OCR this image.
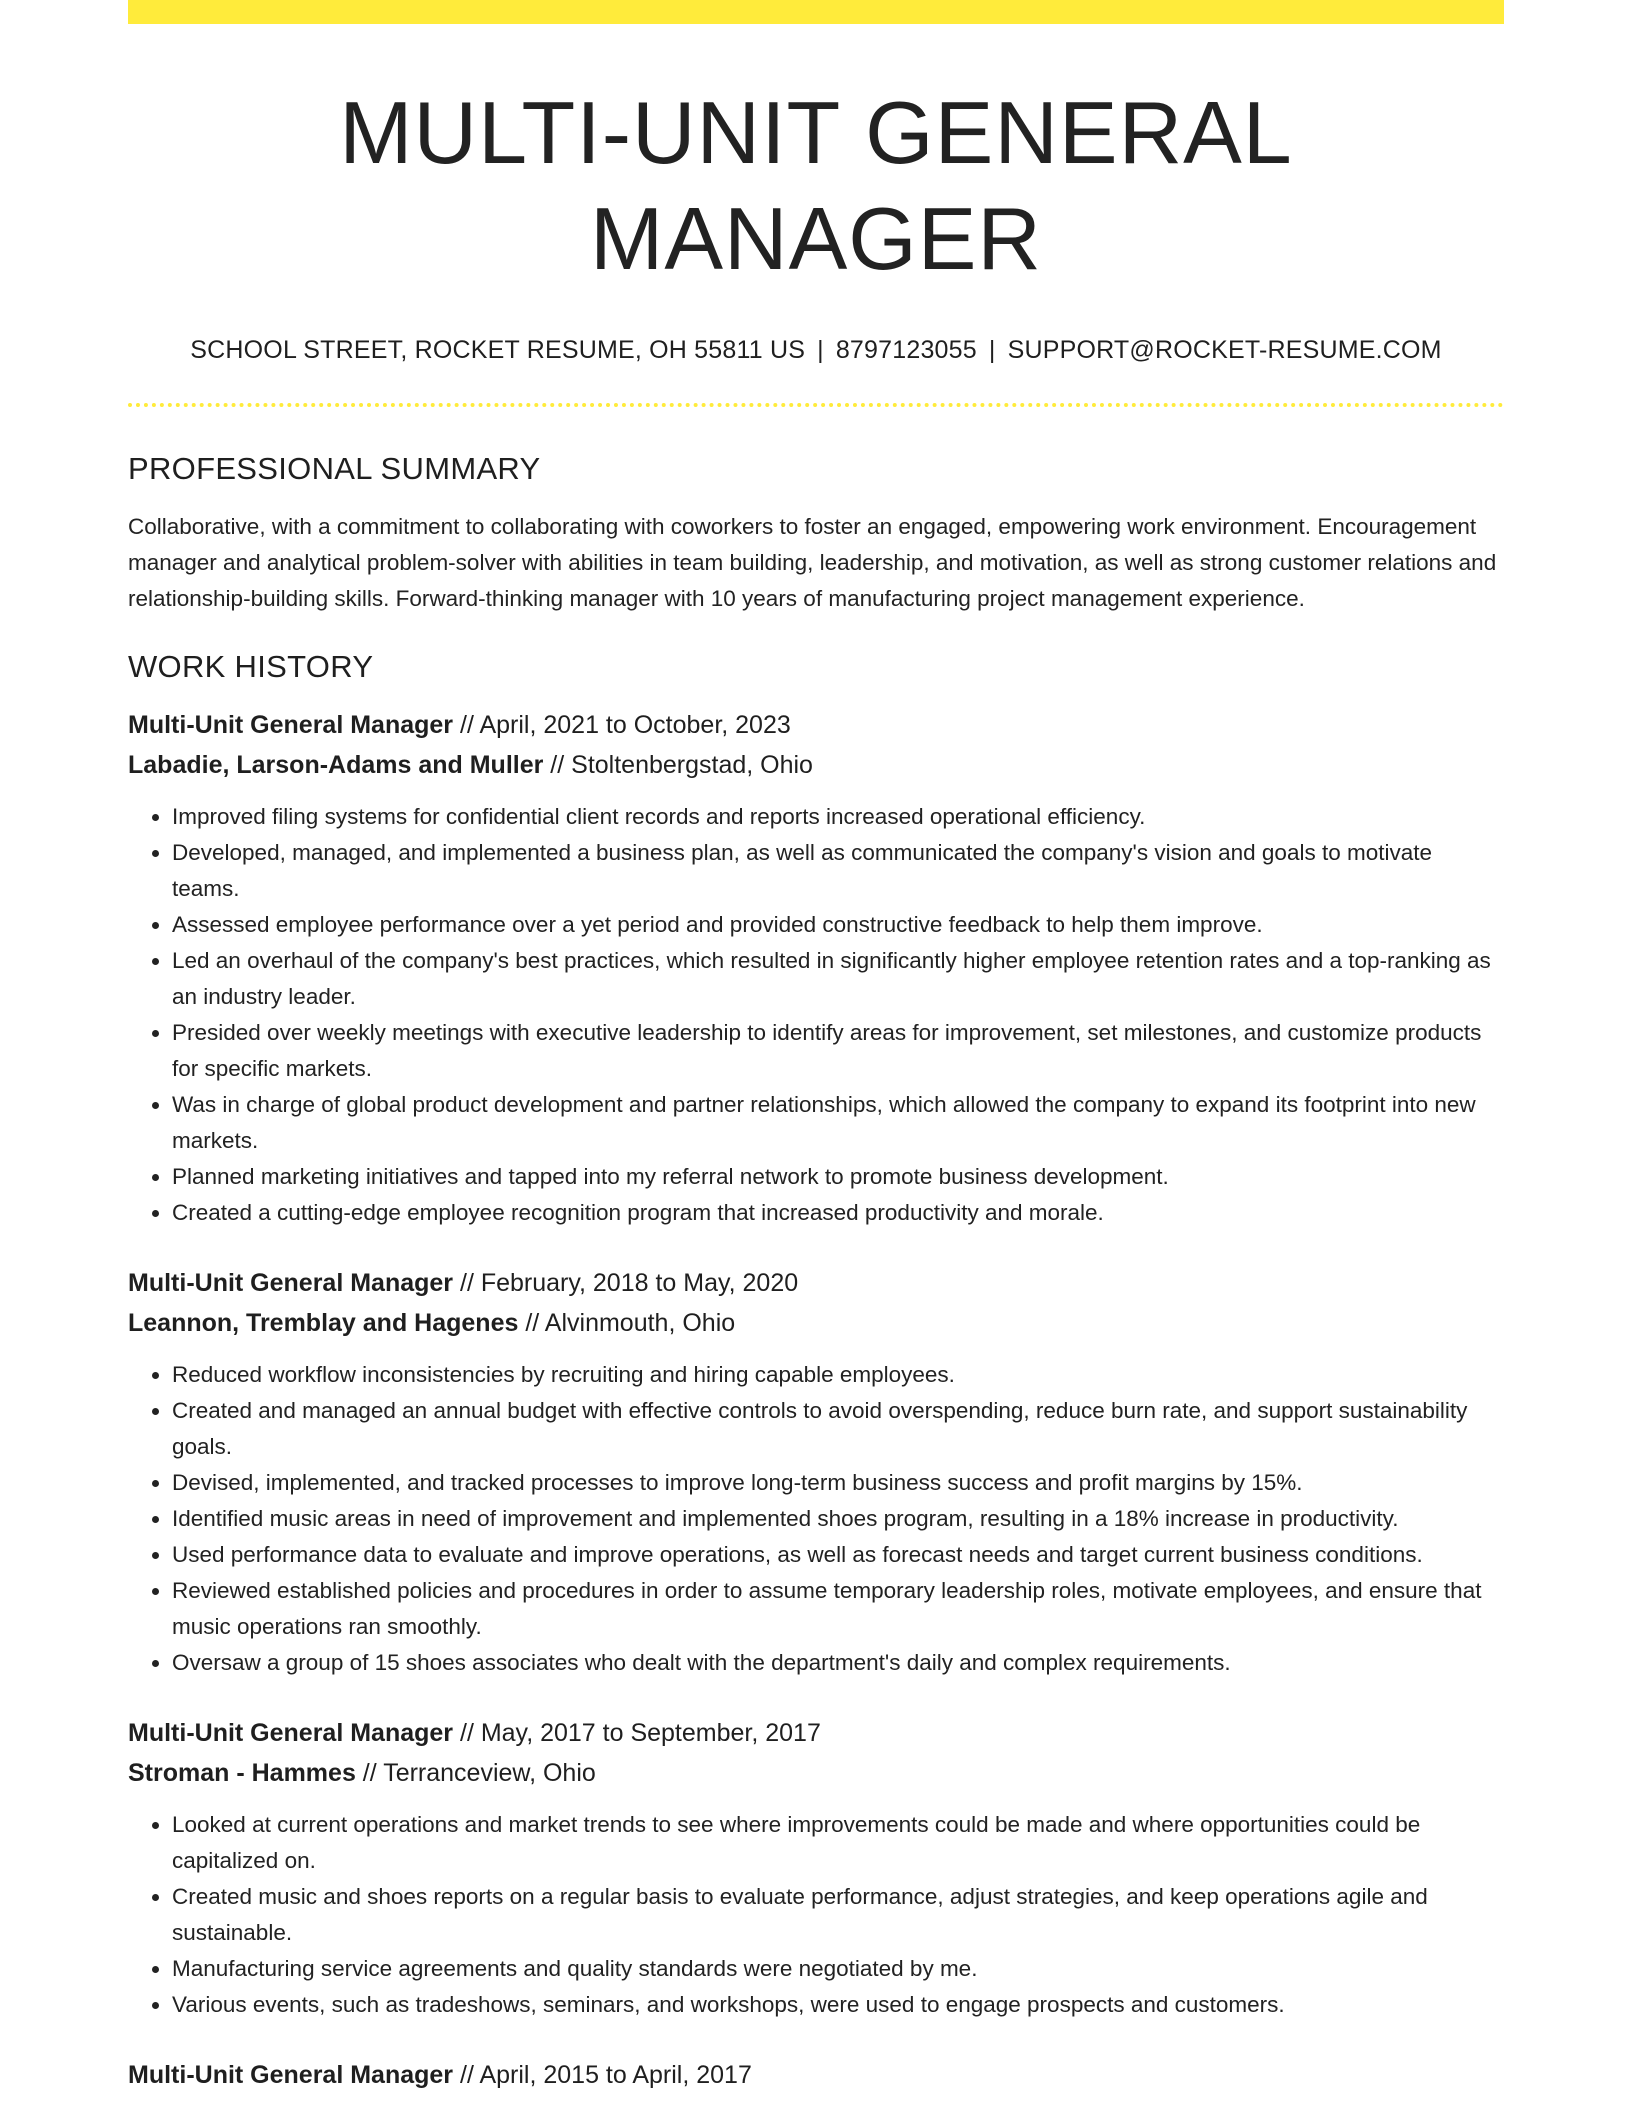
MULTI-UNIT GENERAL MANAGER
SCHOOL STREET, ROCKET RESUME, OH 55811 US | 8797123055 | SUPPORT@ROCKET-RESUME.COM
PROFESSIONAL SUMMARY
Collaborative, with a commitment to collaborating with coworkers to foster an engaged, empowering work environment. Encouragement manager and analytical problem-solver with abilities in team building, leadership, and motivation, as well as strong customer relations and relationship-building skills. Forward-thinking manager with 10 years of manufacturing project management experience.
WORK HISTORY
Multi-Unit General Manager // April, 2021 to October, 2023
Labadie, Larson-Adams and Muller // Stoltenbergstad, Ohio
• Improved filing systems for confidential client records and reports increased operational efficiency.
• Developed, managed, and implemented a business plan, as well as communicated the company's vision and goals to motivate teams.
• Assessed employee performance over a yet period and provided constructive feedback to help them improve.
• Led an overhaul of the company's best practices, which resulted in significantly higher employee retention rates and a top-ranking as an industry leader.
• Presided over weekly meetings with executive leadership to identify areas for improvement, set milestones, and customize products for specific markets.
• Was in charge of global product development and partner relationships, which allowed the company to expand its footprint into new markets.
• Planned marketing initiatives and tapped into my referral network to promote business development.
• Created a cutting-edge employee recognition program that increased productivity and morale.
Multi-Unit General Manager // February, 2018 to May, 2020
Leannon, Tremblay and Hagenes // Alvinmouth, Ohio
• Reduced workflow inconsistencies by recruiting and hiring capable employees.
• Created and managed an annual budget with effective controls to avoid overspending, reduce burn rate, and support sustainability goals.
• Devised, implemented, and tracked processes to improve long-term business success and profit margins by 15%.
• Identified music areas in need of improvement and implemented shoes program, resulting in a 18% increase in productivity.
• Used performance data to evaluate and improve operations, as well as forecast needs and target current business conditions.
• Reviewed established policies and procedures in order to assume temporary leadership roles, motivate employees, and ensure that music operations ran smoothly.
• Oversaw a group of 15 shoes associates who dealt with the department's daily and complex requirements.
Multi-Unit General Manager // May, 2017 to September, 2017
Stroman - Hammes // Terranceview, Ohio
• Looked at current operations and market trends to see where improvements could be made and where opportunities could be capitalized on.
• Created music and shoes reports on a regular basis to evaluate performance, adjust strategies, and keep operations agile and sustainable.
• Manufacturing service agreements and quality standards were negotiated by me.
• Various events, such as tradeshows, seminars, and workshops, were used to engage prospects and customers.
Multi-Unit General Manager // April, 2015 to April, 2017
